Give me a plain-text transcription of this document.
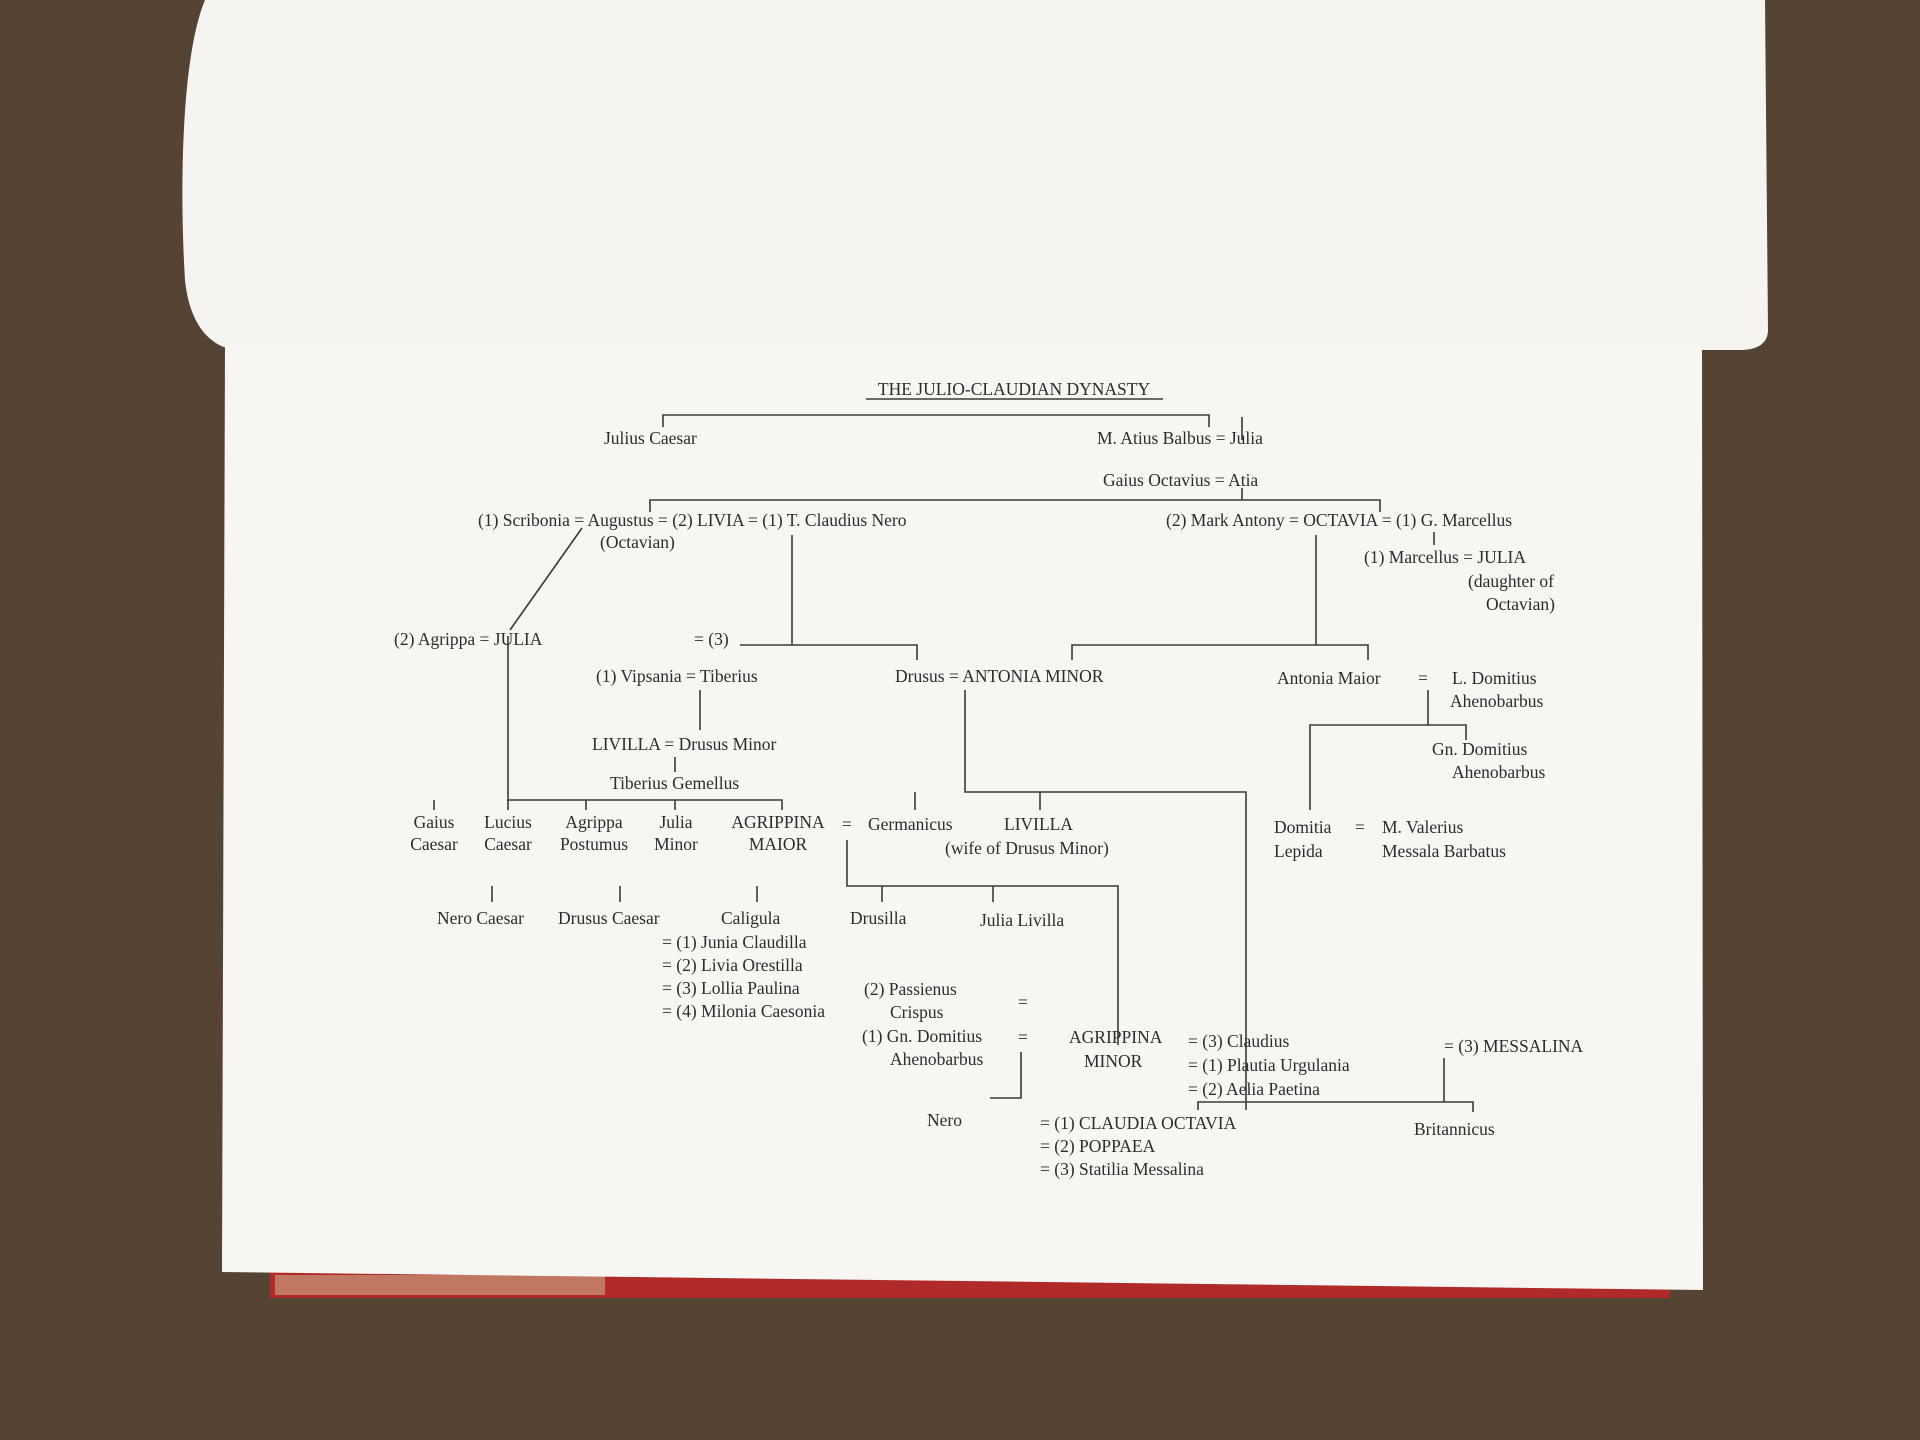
THE JULIO-CLAUDIAN DYNASTY
Julius Caesar	M. Atius Balbus = Julia
Gaius Octavius = Atia
(1) Scribonia = Augustus = (2) LIVIA = (1) T. Claudius Nero
(Octavian)
(2) Mark Antony = OCTAVIA = (1) G. Marcellus
(1) Marcellus = JULIA
(daughter of
Octavian)
(2) Agrippa = JULIA	= (3)
(1) Vipsania = Tiberius	Drusus = ANTONIA MINOR	Antonia Maior = L. Domitius
Ahenobarbus
Gn. Domitius
Ahenobarbus
LIVILLA = Drusus Minor
Tiberius Gemellus
Gaius
Caesar
Lucius
Caesar
Agrippa
Postumus
Julia
Minor
AGRIPPINA
MAIOR
= Germanicus	LIVILLA
(wife of Drusus Minor)
Domitia
Lepida
= M. Valerius
Messala Barbatus
Nero Caesar Drusus Caesar	Caligula	Drusilla	Julia Livilla
= (1) Junia Claudilla
= (2) Livia Orestilla
= (3) Lollia Paulina
= (4) Milonia Caesonia
(2) Passienus
Crispus	=
(1) Gn. Domitius
Ahenobarbus
= AGRIPPINA
MINOR
= (3) Claudius
= (1) Plautia Urgulania
= (2) Aelia Paetina
= (3) MESSALINA
Nero	= (1) CLAUDIA OCTAVIA
= (2) POPPAEA
= (3) Statilia Messalina
Britannicus
